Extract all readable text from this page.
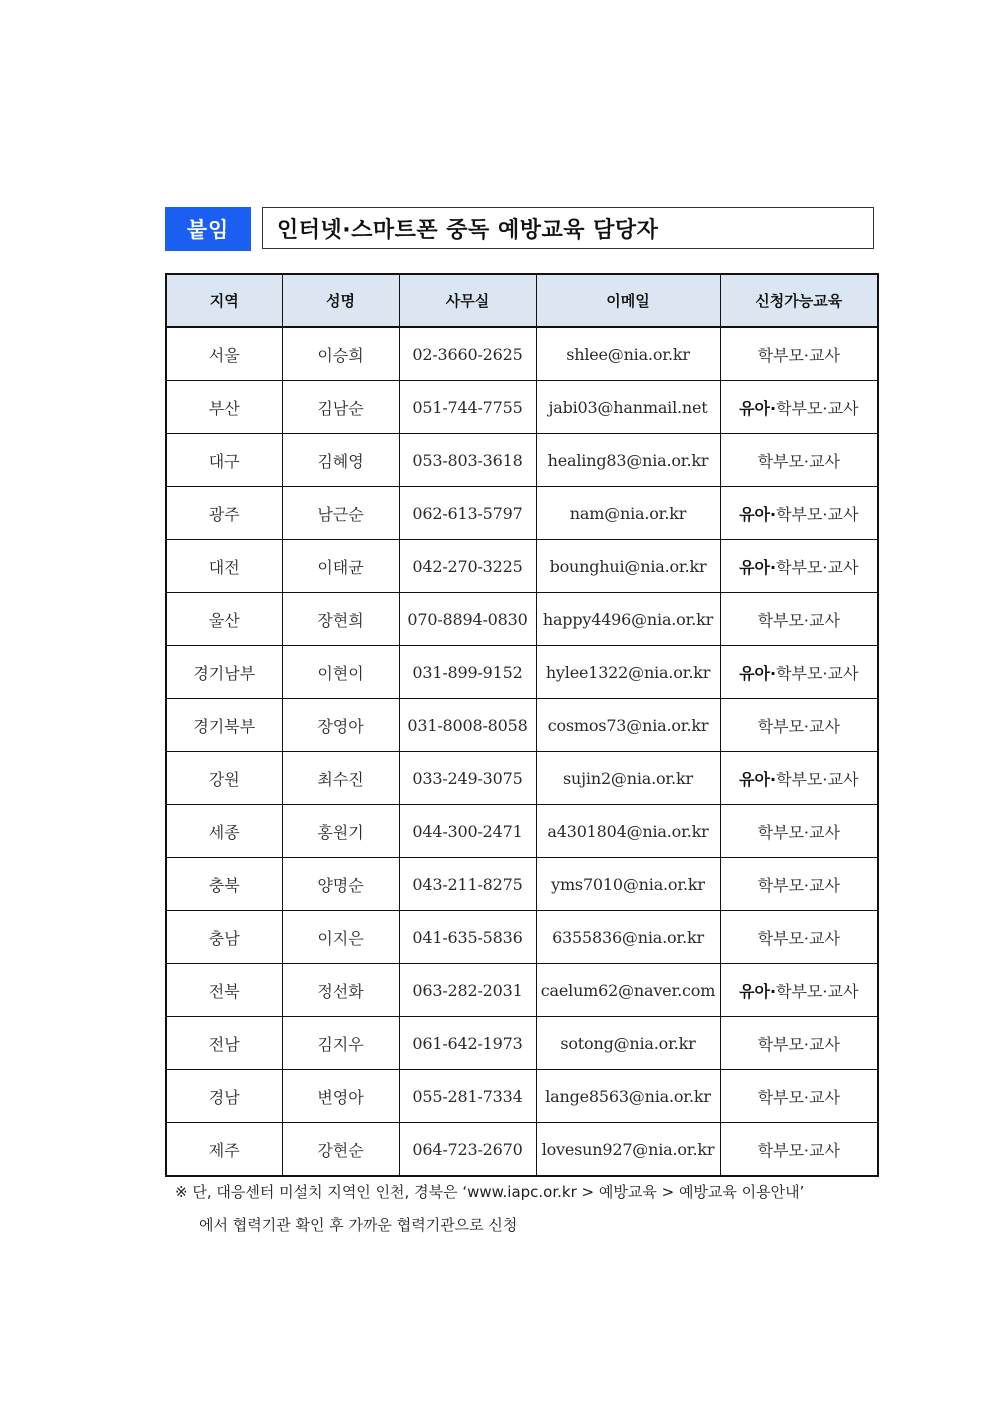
붙임	인터넷·스마트폰 중독 예방교육 담당자
지역	성명	사무실	이메일	신청가능교육
서울	이승희	02-3660-2625	shlee@nia.or.kr	학부모·교사
부산	김남순	051-744-7755	jabi03@hanmail.net	유아·학부모·교사
대구	김혜영	053-803-3618	healing83@nia.or.kr	학부모·교사
광주	남근순	062-613-5797	nam@nia.or.kr	유아·학부모·교사
대전	이태균	042-270-3225	bounghui@nia.or.kr	유아·학부모·교사
울산	장현희	070-8894-0830	happy4496@nia.or.kr	학부모·교사
경기남부	이현이	031-899-9152	hylee1322@nia.or.kr	유아·학부모·교사
경기북부	장영아	031-8008-8058	cosmos73@nia.or.kr	학부모·교사
강원	최수진	033-249-3075	sujin2@nia.or.kr	유아·학부모·교사
세종	홍원기	044-300-2471	a4301804@nia.or.kr	학부모·교사
충북	양명순	043-211-8275	yms7010@nia.or.kr	학부모·교사
충남	이지은	041-635-5836	6355836@nia.or.kr	학부모·교사
전북	정선화	063-282-2031	caelum62@naver.com	유아·학부모·교사
전남	김지우	061-642-1973	sotong@nia.or.kr	학부모·교사
경남	변영아	055-281-7334	lange8563@nia.or.kr	학부모·교사
제주	강현순	064-723-2670	lovesun927@nia.or.kr	학부모·교사
※ 단, 대응센터 미설치 지역인 인천, 경북은 ‘www.iapc.or.kr > 예방교육 > 예방교육 이용안내’
에서 협력기관 확인 후 가까운 협력기관으로 신청
